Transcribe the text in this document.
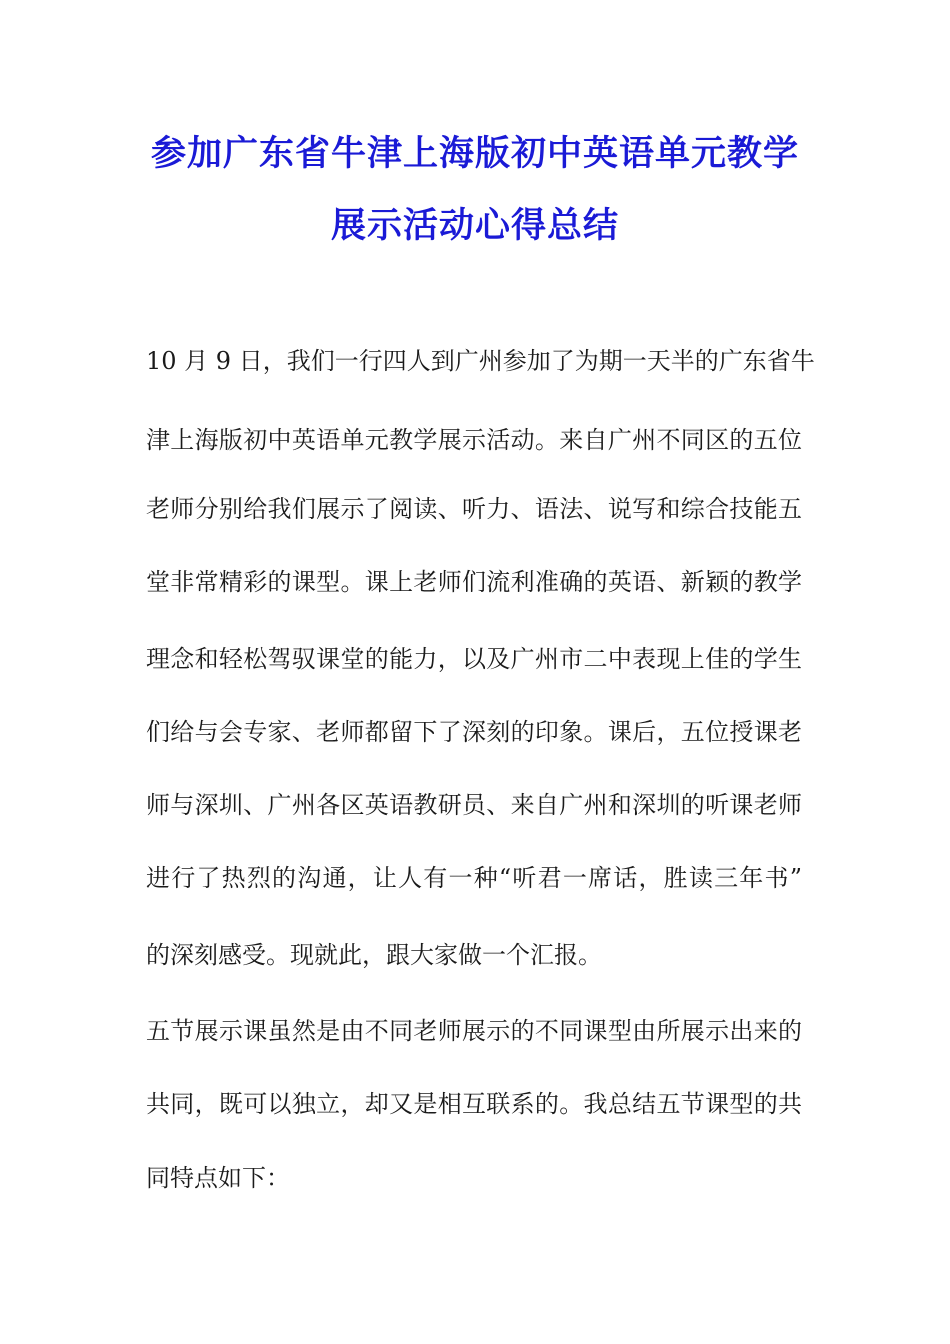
参加广东省牛津上海版初中英语单元教学
展示活动心得总结
10 月 9 日，我们一行四人到广州参加了为期一天半的广东省牛
津上海版初中英语单元教学展示活动。来自广州不同区的五位
老师分别给我们展示了阅读、听力、语法、说写和综合技能五
堂非常精彩的课型。课上老师们流利准确的英语、新颖的教学
理念和轻松驾驭课堂的能力，以及广州市二中表现上佳的学生
们给与会专家、老师都留下了深刻的印象。课后，五位授课老
师与深圳、广州各区英语教研员、来自广州和深圳的听课老师
进行了热烈的沟通，让人有一种“听君一席话，胜读三年书”
的深刻感受。现就此，跟大家做一个汇报。
五节展示课虽然是由不同老师展示的不同课型由所展示出来的
共同，既可以独立，却又是相互联系的。我总结五节课型的共
同特点如下：
